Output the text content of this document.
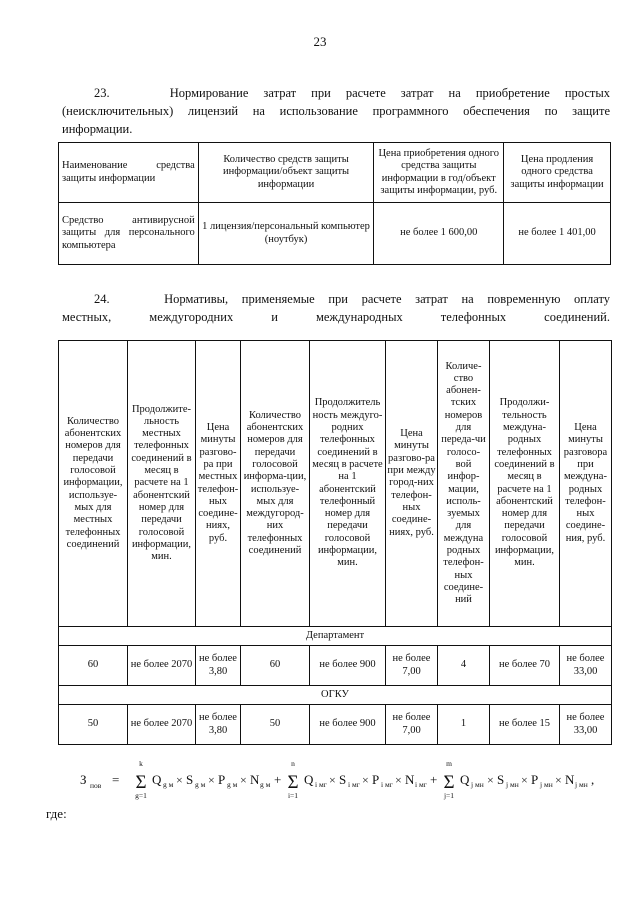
23
23.	Нормирование затрат при расчете затрат на приобретение простых
(неисключительных) лицензий на использование программного обеспечения по защите
информации.
Наименование средства защиты информации	Количество средств защиты информации/объект защиты информации	Цена приобретения одного средства защиты информации в год/объект защиты информации, руб.	Цена продления одного средства защиты информации
Средство антивирусной защиты для персонального компьютера	1 лицензия/персональный компьютер (ноутбук)	не более 1 600,00	не более 1 401,00
24.	Нормативы, применяемые при расчете затрат на повременную оплату
местных, междугородних и международных телефонных соединений.
Количество абонентских номеров для передачи голосовой информации, используе-мых для местных телефонных соединений	Продолжите-льность местных телефонных соединений в месяц в расчете на 1 абонентский номер для передачи голосовой информации, мин.	Цена минуты разгово-ра при местных телефон-ных соедине-ниях, руб.	Количество абонентских номеров для передачи голосовой информа-ции, используе-мых для междугород-них телефонных соединений	Продолжитель ность междуго-родних телефонных соединений в месяц в расчете на 1 абонентский телефонный номер для передачи голосовой информации, мин.	Цена минуты разгово-ра при между город-них телефон-ных соедине-ниях, руб.	Количе-ство абонен-тских номеров для переда-чи голосо-вой инфор-мации, исполь-зуемых для междуна родных телефон-ных соедине-ний	Продолжи-тельность междуна-родных телефонных соединений в месяц в расчете на 1 абонентский номер для передачи голосовой информации, мин.	Цена минуты разговора при междуна-родных телефон-ных соедине-ния, руб.
Департамент								
60	не более 2070	не более 3,80	60	не более 900	не более 7,00	4	не более 70	не более 33,00
ОГКУ								
50	не более 2070	не более 3,80	50	не более 900	не более 7,00	1	не более 15	не более 33,00
З пов =
k
Σ
g=1
Q g м × S g м × P g м × N g м +
n
Σ
i=1
Q i мг × S i мг × P i мг × N i мг +
m
Σ
j=1
Q j мн × S j мн × P j мн × N j мн ,
где:
